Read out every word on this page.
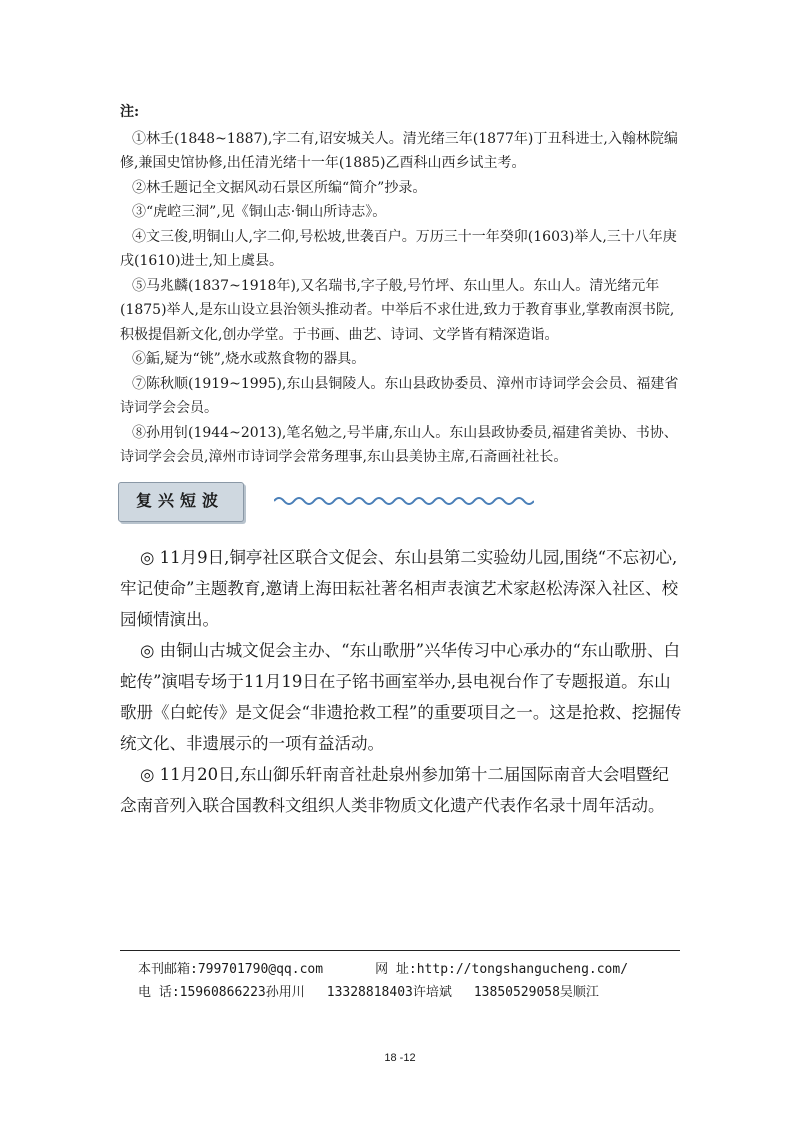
注:

①林壬(1848~1887),字二有,诏安城关人。清光绪三年(1877年)丁丑科进士,入翰林院编修,兼国史馆协修,出任清光绪十一年(1885)乙酉科山西乡试主考。

②林壬题记全文据风动石景区所编“简介”抄录。

③“虎崆三洞”,见《铜山志·铜山所诗志》。

④文三俊,明铜山人,字二仰,号松坡,世袭百户。万历三十一年癸卯(1603)举人,三十八年庚戌(1610)进士,知上虞县。

⑤马兆麟(1837~1918年),又名瑞书,字子般,号竹坪、东山里人。东山人。清光绪元年(1875)举人,是东山设立县治领头推动者。中举后不求仕进,致力于教育事业,掌教南溟书院,积极提倡新文化,创办学堂。于书画、曲艺、诗词、文学皆有精深造诣。

⑥銗,疑为“铫”,烧水或熬食物的器具。

⑦陈秋顺(1919~1995),东山县铜陵人。东山县政协委员、漳州市诗词学会会员、福建省诗词学会会员。

⑧孙用钊(1944~2013),笔名勉之,号半庸,东山人。东山县政协委员,福建省美协、书协、诗词学会会员,漳州市诗词学会常务理事,东山县美协主席,石斋画社社长。

复兴短波

◎ 11月9日,铜亭社区联合文促会、东山县第二实验幼儿园,围绕“不忘初心,牢记使命”主题教育,邀请上海田耘社著名相声表演艺术家赵松涛深入社区、校园倾情演出。

◎ 由铜山古城文促会主办、“东山歌册”兴华传习中心承办的“东山歌册、白蛇传”演唱专场于11月19日在子铭书画室举办,县电视台作了专题报道。东山歌册《白蛇传》是文促会“非遗抢救工程”的重要项目之一。这是抢救、挖掘传统文化、非遗展示的一项有益活动。

◎ 11月20日,东山御乐轩南音社赴泉州参加第十二届国际南音大会唱暨纪念南音列入联合国教科文组织人类非物质文化遗产代表作名录十周年活动。

本刊邮箱:799701790@qq.com	网 址:http://tongshangucheng.com/
电 话:15960866223孙用川 13328818403许培斌 13850529058吴顺江
18 -12
